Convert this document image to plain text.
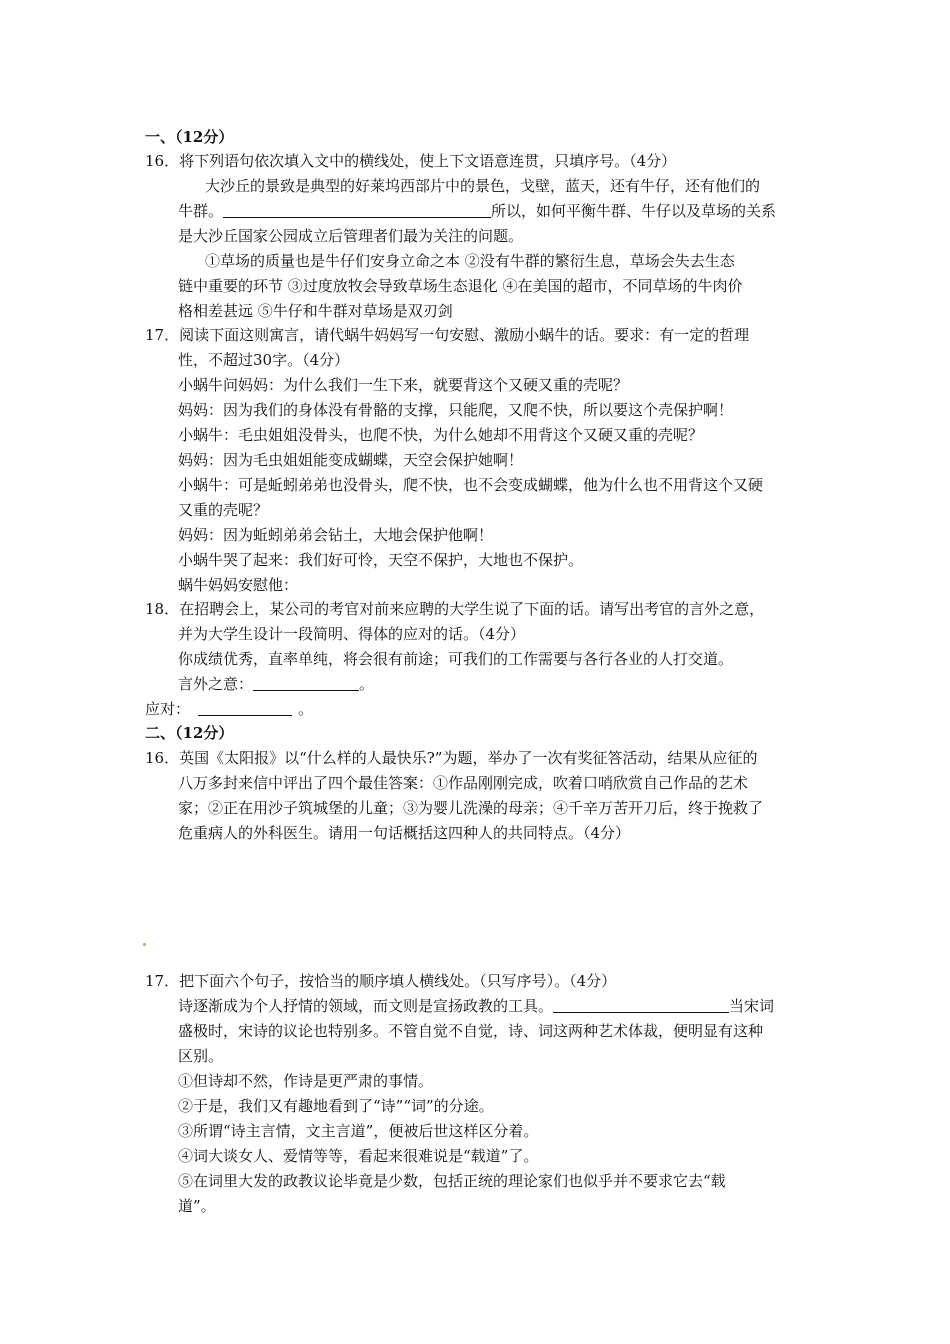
一、（12分）
16．将下列语句依次填入文中的横线处，使上下文语意连贯，只填序号。（4分）
大沙丘的景致是典型的好莱坞西部片中的景色，戈壁，蓝天，还有牛仔，还有他们的
牛群。	所以，如何平衡牛群、牛仔以及草场的关系
是大沙丘国家公园成立后管理者们最为关注的问题。
①草场的质量也是牛仔们安身立命之本 ②没有牛群的繁衍生息，草场会失去生态
链中重要的环节 ③过度放牧会导致草场生态退化 ④在美国的超市，不同草场的牛肉价
格相差甚远 ⑤牛仔和牛群对草场是双刃剑
17．阅读下面这则寓言，请代蜗牛妈妈写一句安慰、激励小蜗牛的话。要求：有一定的哲理
性，不超过30字。（4分）
小蜗牛问妈妈：为什么我们一生下来，就要背这个又硬又重的壳呢？
妈妈：因为我们的身体没有骨骼的支撑，只能爬，又爬不快，所以要这个壳保护啊！
小蜗牛：毛虫姐姐没骨头，也爬不快，为什么她却不用背这个又硬又重的壳呢？
妈妈：因为毛虫姐姐能变成蝴蝶，天空会保护她啊！
小蜗牛：可是蚯蚓弟弟也没骨头，爬不快，也不会变成蝴蝶，他为什么也不用背这个又硬
又重的壳呢？
妈妈：因为蚯蚓弟弟会钻土，大地会保护他啊！
小蜗牛哭了起来：我们好可怜，天空不保护，大地也不保护。
蜗牛妈妈安慰他：
18．在招聘会上，某公司的考官对前来应聘的大学生说了下面的话。请写出考官的言外之意，
并为大学生设计一段简明、得体的应对的话。（4分）
你成绩优秀，直率单纯，将会很有前途；可我们的工作需要与各行各业的人打交道。
言外之意：	。
应对：	。
二、（12分）
16．英国《太阳报》以“什么样的人最快乐?”为题，举办了一次有奖征答活动，结果从应征的
八万多封来信中评出了四个最佳答案：①作品刚刚完成，吹着口哨欣赏自己作品的艺术
家；②正在用沙子筑城堡的儿童；③为婴儿洗澡的母亲；④千辛万苦开刀后，终于挽救了
危重病人的外科医生。请用一句话概括这四种人的共同特点。（4分）
17．把下面六个句子，按恰当的顺序填人横线处。（只写序号）。（4分）
诗逐渐成为个人抒情的领域，而文则是宣扬政教的工具。	当宋词
盛极时，宋诗的议论也特别多。不管自觉不自觉，诗、词这两种艺术体裁，便明显有这种
区别。
①但诗却不然，作诗是更严肃的事情。
②于是，我们又有趣地看到了“诗”“词”的分途。
③所谓“诗主言情，文主言道”，便被后世这样区分着。
④词大谈女人、爱情等等，看起来很难说是“载道”了。
⑤在词里大发的政教议论毕竟是少数，包括正统的理论家们也似乎并不要求它去“载
道”。
